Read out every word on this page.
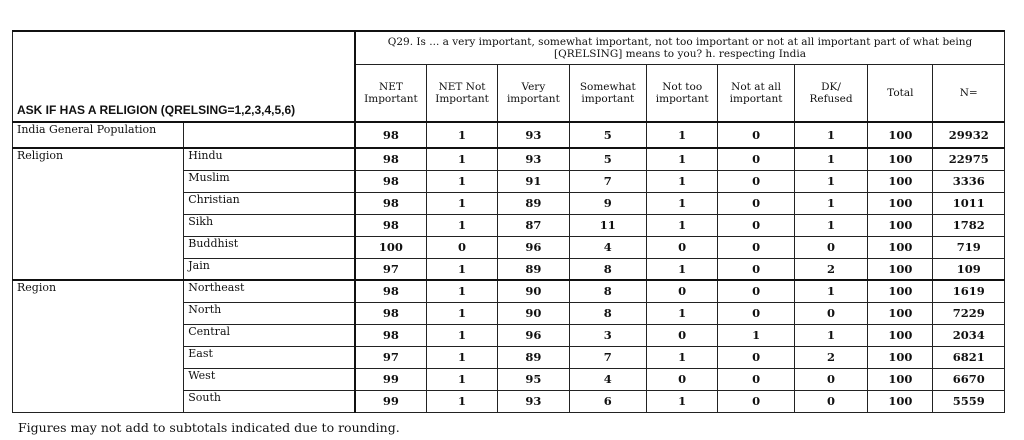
ASK IF HAS A RELIGION (QRELSING=1,2,3,4,5,6)		Q29. Is ... a very important, somewhat important, not too important or not at all important part of what being [QRELSING] means to you? h. respecting India								
		NET Important	NET Not Important	Very important	Somewhat important	Not too important	Not at all important	DK/ Refused	Total	N=
India General Population		98	1	93	5	1	0	1	100	29932
Religion	Hindu	98	1	93	5	1	0	1	100	22975
	Muslim	98	1	91	7	1	0	1	100	3336
	Christian	98	1	89	9	1	0	1	100	1011
	Sikh	98	1	87	11	1	0	1	100	1782
	Buddhist	100	0	96	4	0	0	0	100	719
	Jain	97	1	89	8	1	0	2	100	109
Region	Northeast	98	1	90	8	0	0	1	100	1619
	North	98	1	90	8	1	0	0	100	7229
	Central	98	1	96	3	0	1	1	100	2034
	East	97	1	89	7	1	0	2	100	6821
	West	99	1	95	4	0	0	0	100	6670
	South	99	1	93	6	1	0	0	100	5559
Figures may not add to subtotals indicated due to rounding.
